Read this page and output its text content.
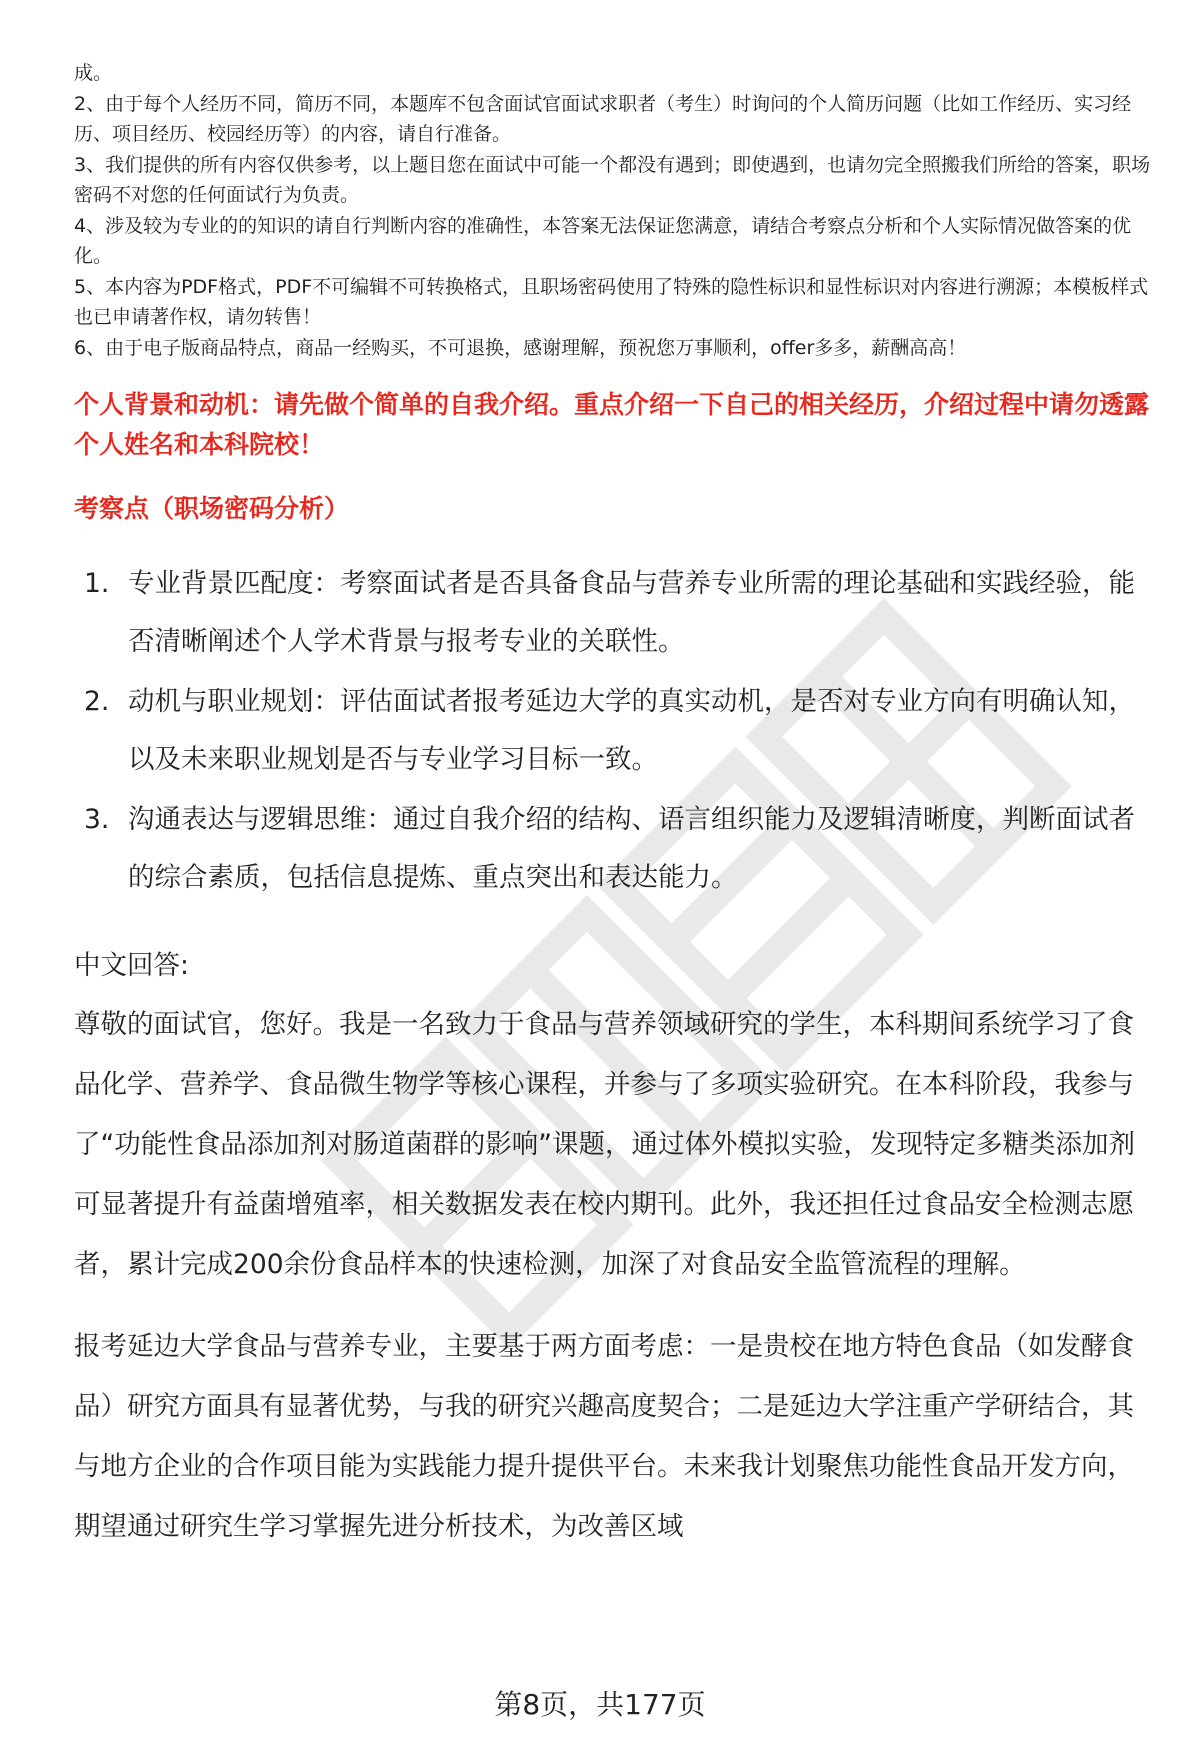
成。

2、由于每个人经历不同，简历不同，本题库不包含面试官面试求职者（考生）时询问的个人简历问题（比如工作经历、实习经历、项目经历、校园经历等）的内容，请自行准备。

3、我们提供的所有内容仅供参考，以上题目您在面试中可能一个都没有遇到；即使遇到，也请勿完全照搬我们所给的答案，职场密码不对您的任何面试行为负责。

4、涉及较为专业的的知识的请自行判断内容的准确性，本答案无法保证您满意，请结合考察点分析和个人实际情况做答案的优化。

5、本内容为PDF格式，PDF不可编辑不可转换格式，且职场密码使用了特殊的隐性标识和显性标识对内容进行溯源；本模板样式也已申请著作权，请勿转售！

6、由于电子版商品特点，商品一经购买，不可退换，感谢理解，预祝您万事顺利，offer多多，薪酬高高！

个人背景和动机：请先做个简单的自我介绍。重点介绍一下自己的相关经历，介绍过程中请勿透露个人姓名和本科院校！
考察点（职场密码分析）
1. 专业背景匹配度：考察面试者是否具备食品与营养专业所需的理论基础和实践经验，能否清晰阐述个人学术背景与报考专业的关联性。
2. 动机与职业规划：评估面试者报考延边大学的真实动机，是否对专业方向有明确认知，以及未来职业规划是否与专业学习目标一致。
3. 沟通表达与逻辑思维：通过自我介绍的结构、语言组织能力及逻辑清晰度，判断面试者的综合素质，包括信息提炼、重点突出和表达能力。
中文回答:

尊敬的面试官，您好。我是一名致力于食品与营养领域研究的学生，本科期间系统学习了食品化学、营养学、食品微生物学等核心课程，并参与了多项实验研究。在本科阶段，我参与了“功能性食品添加剂对肠道菌群的影响”课题，通过体外模拟实验，发现特定多糖类添加剂可显著提升有益菌增殖率，相关数据发表在校内期刊。此外，我还担任过食品安全检测志愿者，累计完成200余份食品样本的快速检测，加深了对食品安全监管流程的理解。

报考延边大学食品与营养专业，主要基于两方面考虑：一是贵校在地方特色食品（如发酵食品）研究方面具有显著优势，与我的研究兴趣高度契合；二是延边大学注重产学研结合，其与地方企业的合作项目能为实践能力提升提供平台。未来我计划聚焦功能性食品开发方向，期望通过研究生学习掌握先进分析技术，为改善区域

第8页，共177页
